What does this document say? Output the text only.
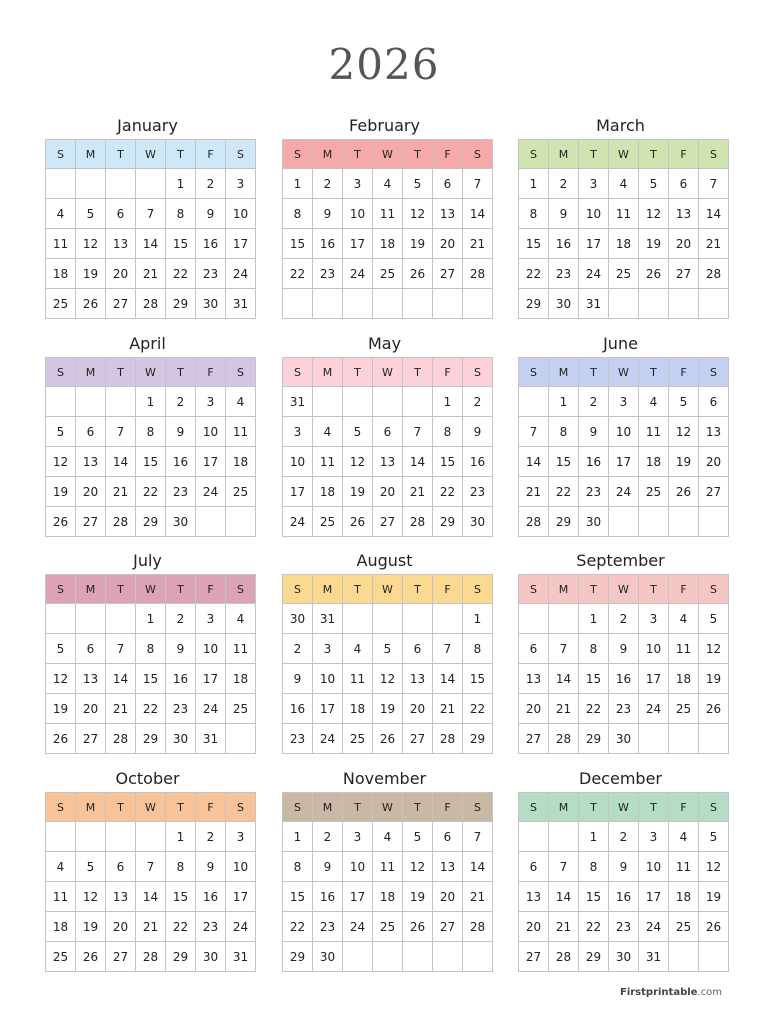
2026
January
S	M	T	W	T	F	S
				1	2	3
4	5	6	7	8	9	10
11	12	13	14	15	16	17
18	19	20	21	22	23	24
25	26	27	28	29	30	31
February
S	M	T	W	T	F	S
1	2	3	4	5	6	7
8	9	10	11	12	13	14
15	16	17	18	19	20	21
22	23	24	25	26	27	28

March
S	M	T	W	T	F	S
1	2	3	4	5	6	7
8	9	10	11	12	13	14
15	16	17	18	19	20	21
22	23	24	25	26	27	28
29	30	31				
April
S	M	T	W	T	F	S
			1	2	3	4
5	6	7	8	9	10	11
12	13	14	15	16	17	18
19	20	21	22	23	24	25
26	27	28	29	30		
May
S	M	T	W	T	F	S
31					1	2
3	4	5	6	7	8	9
10	11	12	13	14	15	16
17	18	19	20	21	22	23
24	25	26	27	28	29	30
June
S	M	T	W	T	F	S
	1	2	3	4	5	6
7	8	9	10	11	12	13
14	15	16	17	18	19	20
21	22	23	24	25	26	27
28	29	30				
July
S	M	T	W	T	F	S
			1	2	3	4
5	6	7	8	9	10	11
12	13	14	15	16	17	18
19	20	21	22	23	24	25
26	27	28	29	30	31	
August
S	M	T	W	T	F	S
30	31					1
2	3	4	5	6	7	8
9	10	11	12	13	14	15
16	17	18	19	20	21	22
23	24	25	26	27	28	29
September
S	M	T	W	T	F	S
		1	2	3	4	5
6	7	8	9	10	11	12
13	14	15	16	17	18	19
20	21	22	23	24	25	26
27	28	29	30			
October
S	M	T	W	T	F	S
				1	2	3
4	5	6	7	8	9	10
11	12	13	14	15	16	17
18	19	20	21	22	23	24
25	26	27	28	29	30	31
November
S	M	T	W	T	F	S
1	2	3	4	5	6	7
8	9	10	11	12	13	14
15	16	17	18	19	20	21
22	23	24	25	26	27	28
29	30					
December
S	M	T	W	T	F	S
		1	2	3	4	5
6	7	8	9	10	11	12
13	14	15	16	17	18	19
20	21	22	23	24	25	26
27	28	29	30	31		
Firstprintable.com
